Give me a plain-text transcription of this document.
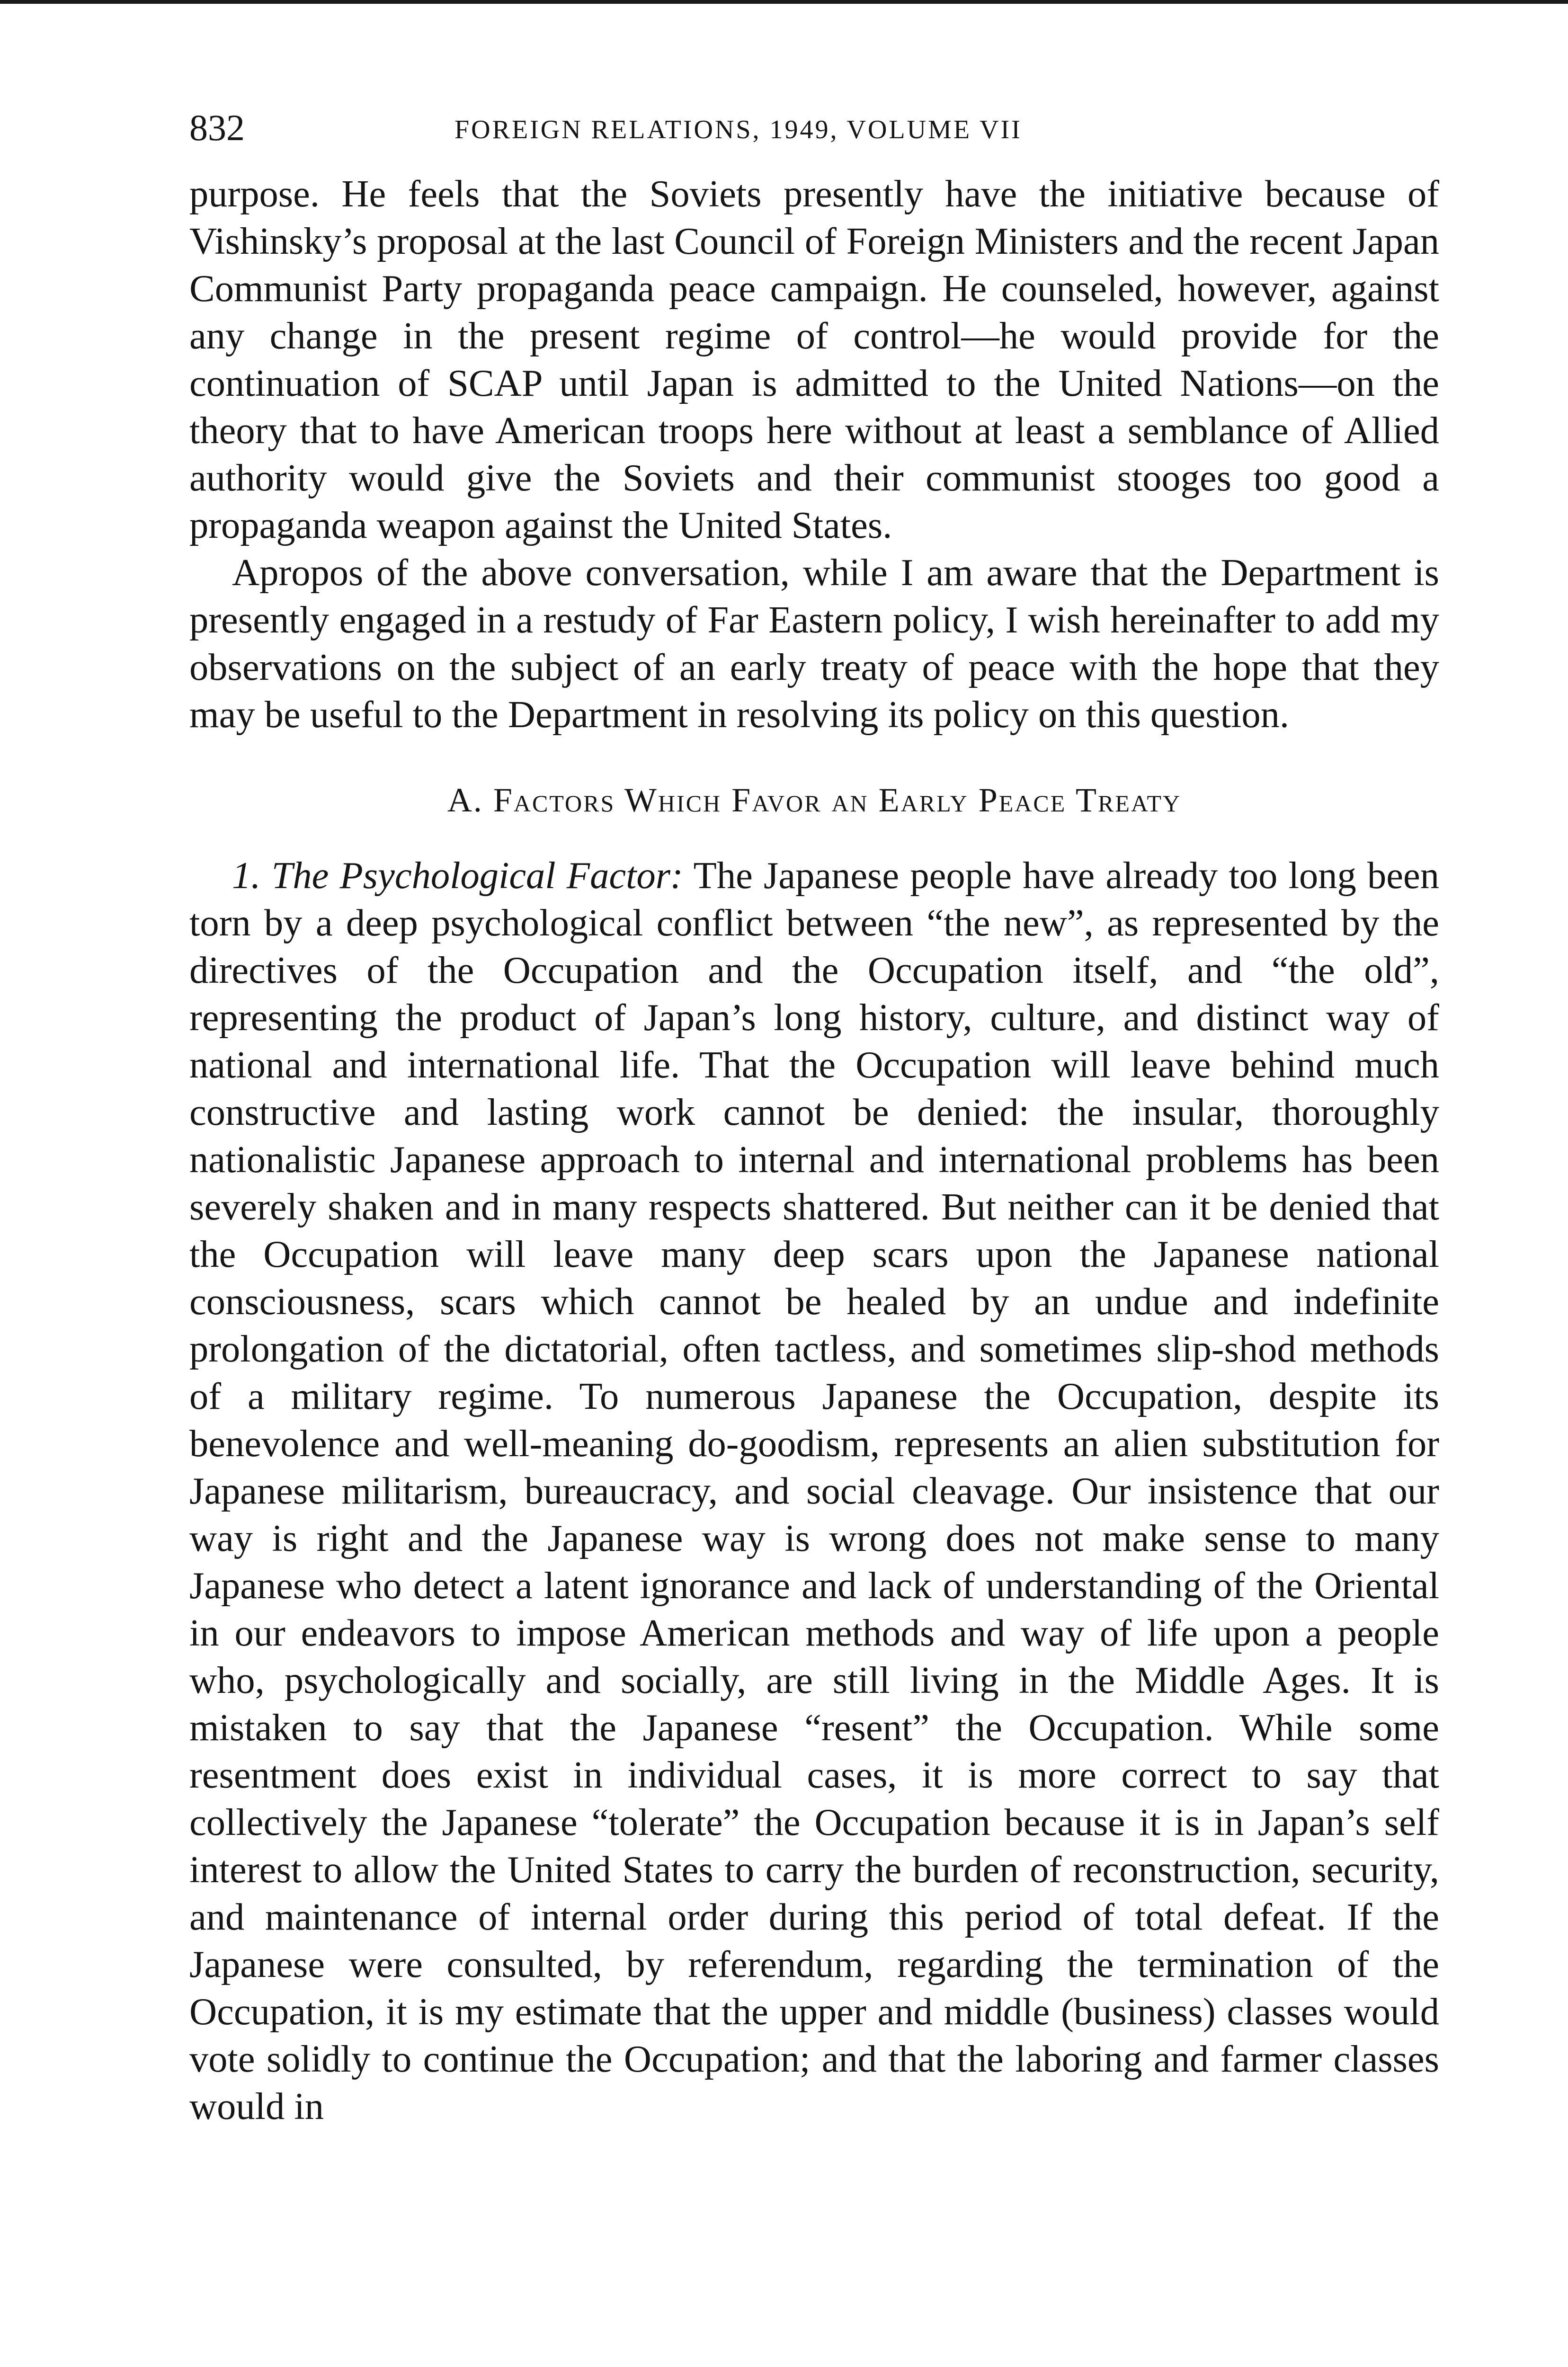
832	FOREIGN RELATIONS, 1949, VOLUME VII

purpose. He feels that the Soviets presently have the initiative because of Vishinsky’s proposal at the last Council of Foreign Ministers and the recent Japan Communist Party propaganda peace campaign. He counseled, however, against any change in the present regime of control—he would provide for the continuation of SCAP until Japan is admitted to the United Nations—on the theory that to have American troops here without at least a semblance of Allied authority would give the Soviets and their communist stooges too good a propaganda weapon against the United States.

Apropos of the above conversation, while I am aware that the Department is presently engaged in a restudy of Far Eastern policy, I wish hereinafter to add my observations on the subject of an early treaty of peace with the hope that they may be useful to the Department in resolving its policy on this question.

A. Factors Which Favor an Early Peace Treaty

1. The Psychological Factor: The Japanese people have already too long been torn by a deep psychological conflict between “the new”, as represented by the directives of the Occupation and the Occupation itself, and “the old”, representing the product of Japan’s long history, culture, and distinct way of national and international life. That the Occupation will leave behind much constructive and lasting work cannot be denied: the insular, thoroughly nationalistic Japanese approach to internal and international problems has been severely shaken and in many respects shattered. But neither can it be denied that the Occupation will leave many deep scars upon the Japanese national consciousness, scars which cannot be healed by an undue and indefinite prolongation of the dictatorial, often tactless, and sometimes slip-shod methods of a military regime. To numerous Japanese the Occupation, despite its benevolence and well-meaning do-goodism, represents an alien substitution for Japanese militarism, bureaucracy, and social cleavage. Our insistence that our way is right and the Japanese way is wrong does not make sense to many Japanese who detect a latent ignorance and lack of understanding of the Oriental in our endeavors to impose American methods and way of life upon a people who, psychologically and socially, are still living in the Middle Ages. It is mistaken to say that the Japanese “resent” the Occupation. While some resentment does exist in individual cases, it is more correct to say that collectively the Japanese “tolerate” the Occupation because it is in Japan’s self interest to allow the United States to carry the burden of reconstruction, security, and maintenance of internal order during this period of total defeat. If the Japanese were consulted, by referendum, regarding the termination of the Occupation, it is my estimate that the upper and middle (business) classes would vote solidly to continue the Occupation; and that the laboring and farmer classes would in
